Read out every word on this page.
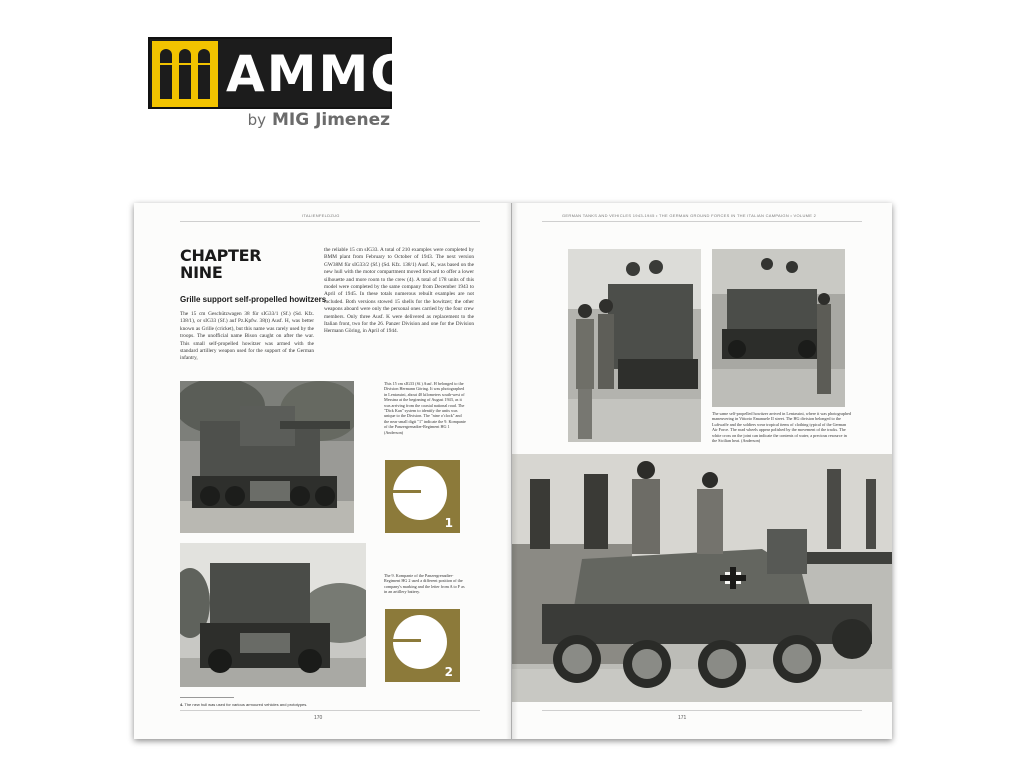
AMMO
by MIG Jimenez
ITALIENFELDZUG
CHAPTER
NINE
Grille support self-propelled howitzers
The 15 cm Geschützwagen 38 für sIG33/1 (Sf.) (Sd. Kfz. 138/1), or sIG33 (Sf.) auf Pz.Kpfw. 38(t) Ausf. H, was better known as Grille (cricket), but this name was rarely used by the troops. The unofficial name Bison caught on after the war. This small self-propelled howitzer was armed with the standard artillery weapon used for the support of the German infantry,
the reliable 15 cm sIG33. A total of 210 examples were completed by BMM plant from February to October of 1943. The next version GW38M für sIG33/2 (Sf.) (Sd. Kfz. 138/1) Ausf. K, was based on the new hull with the motor compartment moved forward to offer a lower silhouette and more room to the crew (4). A total of 178 units of this model were completed by the same company from December 1943 to April of 1945. In these totals numerous rebuilt examples are not included. Both versions stowed 15 shells for the howitzer; the other weapons aboard were only the personal ones carried by the four crew members. Only three Ausf. K were delivered as replacement to the Italian front, two for the 26. Panzer Division and one for the Division Hermann Göring, in April of 1944.
This 15 cm sIG33 (Sf.) Ausf. H belonged to the Division Hermann Göring. It was photographed in Lentassini, about 40 kilometers south-west of Messina at the beginning of August 1943, as it was arriving from the coastal national road. The "Dick Kan" system to identify the units was unique to the Division. The "nine o'clock" and the near small digit "1" indicate the 9. Kompanie of the Panzergrenadier-Regiment HG 1 (Anderson)
1
The 9. Kompanie of the Panzergrenadier-Regiment HG 2 used a different position of the company's marking and the letter from A to F as in an artillery battery.
2
4. The new hull was used for various armoured vehicles and prototypes.
170
GERMAN TANKS AND VEHICLES 1943-1945 • THE GERMAN GROUND FORCES IN THE ITALIAN CAMPAIGN • VOLUME 2
The same self-propelled howitzer arrived in Lentassini, where it was photographed maneuvering in Vittorio Emanuele II street. The HG division belonged to the Luftwaffe and the soldiers wear tropical items of clothing typical of the German Air Force. The road wheels appear polished by the movement of the tracks. The white cross on the joint can indicate the contents of water, a precious resource in the Sicilian heat. (Anderson)
171
